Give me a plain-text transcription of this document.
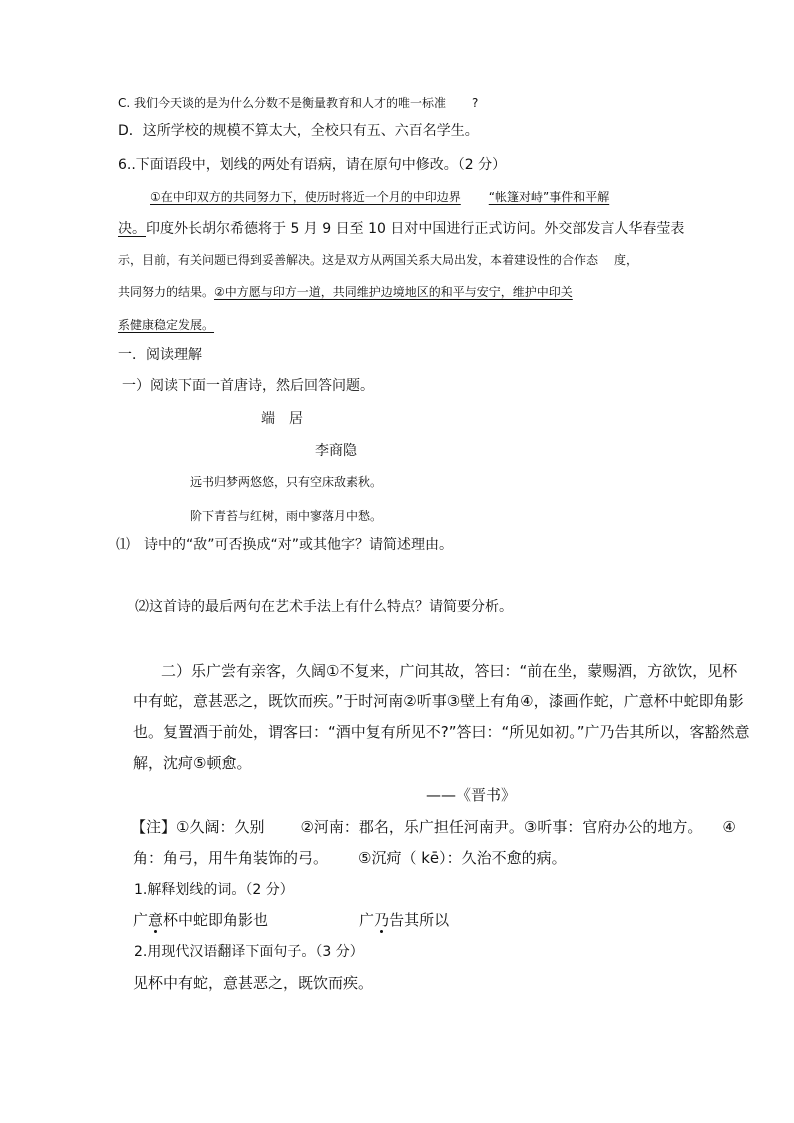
C. 我们今天谈的是为什么分数不是衡量教育和人才的唯一标准 ?
D．这所学校的规模不算太大，全校只有五、六百名学生。
6..下面语段中，划线的两处有语病，请在原句中修改。（2 分）
①在中印双方的共同努力下，使历时将近一个月的中印边界 “帐篷对峙”事件和平解
决。印度外长胡尔希德将于 5 月 9 日至 10 日对中国进行正式访问。外交部发言人华春莹表
示，目前，有关问题已得到妥善解决。这是双方从两国关系大局出发，本着建设性的合作态 度，
共同努力的结果。②中方愿与印方一道，共同维护边境地区的和平与安宁，维护中印关
系健康稳定发展。
一．阅读理解
一）阅读下面一首唐诗，然后回答问题。
端 居
李商隐
远书归梦两悠悠，只有空床敌素秋。
阶下青苔与红树，雨中寥落月中愁。
⑴ 诗中的“敌”可否换成“对”或其他字？请简述理由。
⑵这首诗的最后两句在艺术手法上有什么特点？请简要分析。
二）乐广尝有亲客，久阔①不复来，广问其故，答曰：“前在坐，蒙赐酒，方欲饮，见杯
中有蛇，意甚恶之，既饮而疾。”于时河南②听事③壁上有角④，漆画作蛇，广意杯中蛇即角影
也。复置酒于前处，谓客曰：“酒中复有所见不?”答曰：“所见如初。”广乃告其所以，客豁然意
解，沈疴⑤顿愈。
——《晋书》
【注】①久阔：久别 ②河南：郡名，乐广担任河南尹。③听事：官府办公的地方。 ④
角：角弓，用牛角装饰的弓。 ⑤沉疴（ kē）：久治不愈的病。
1.解释划线的词。（2 分）
广意杯中蛇即角影也	广乃告其所以
2.用现代汉语翻译下面句子。（3 分）
见杯中有蛇，意甚恶之，既饮而疾。
